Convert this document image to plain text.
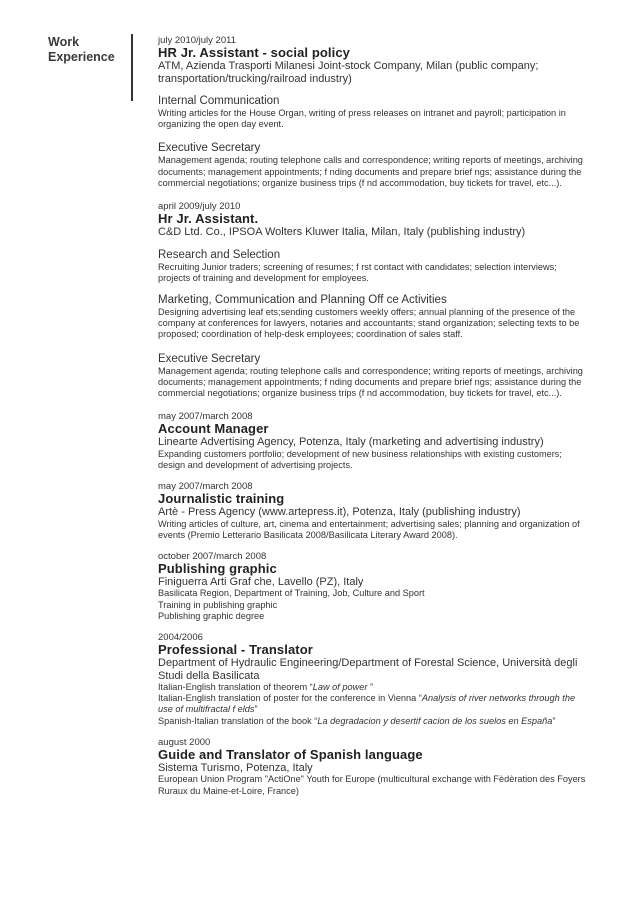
Work
Experience
july 2010/july 2011
HR Jr. Assistant - social policy
ATM, Azienda Trasporti Milanesi Joint-stock Company, Milan (public company; transportation/trucking/railroad industry)
Internal Communication
Writing articles for the House Organ, writing of press releases on intranet and payroll; participation in organizing the open day event.
Executive Secretary
Management agenda; routing telephone calls and correspondence; writing reports of meetings, archiving documents; management appointments; f nding documents and prepare brief ngs; assistance during the commercial negotiations; organize business trips (f nd accommodation, buy tickets for travel, etc...).
april 2009/july 2010
Hr Jr. Assistant.
C&D Ltd. Co., IPSOA Wolters Kluwer Italia, Milan, Italy (publishing industry)
Research and Selection
Recruiting Junior traders; screening of resumes; f rst contact with candidates; selection interviews; projects of training and development for employees.
Marketing, Communication and Planning Off ce Activities
Designing advertising leaf ets;sending customers weekly offers; annual planning of the presence of the company at conferences for lawyers, notaries and accountants; stand organization; selecting texts to be proposed; coordination of help-desk employees; coordination of sales staff.
Executive Secretary
Management agenda; routing telephone calls and correspondence; writing reports of meetings, archiving documents; management appointments; f nding documents and prepare brief ngs; assistance during the commercial negotiations; organize business trips (f nd accommodation, buy tickets for travel, etc...).
may 2007/march 2008
Account Manager
Linearte Advertising Agency, Potenza, Italy (marketing and advertising industry)
Expanding customers portfolio; development of new business relationships with existing customers; design and development of advertising projects.
may 2007/march 2008
Journalistic training
Artè - Press Agency (www.artepress.it), Potenza, Italy (publishing industry)
Writing articles of culture, art, cinema and entertainment; advertising sales; planning and organization of events (Premio Letterario Basilicata 2008/Basilicata Literary Award 2008).
october 2007/march 2008
Publishing graphic
Finiguerra Arti Graf che, Lavello (PZ), Italy
Basilicata Region, Department of Training, Job, Culture and Sport
Training in publishing graphic
Publishing graphic degree
2004/2006
Professional - Translator
Department of Hydraulic Engineering/Department of Forestal Science, Università degli Studi della Basilicata
Italian-English translation of theorem “Law of power ”
Italian-English translation of poster for the conference in Vienna “Analysis of river networks through the use of multifractal f elds”
Spanish-Italian translation of the book “La degradacion y desertif cacion de los suelos en España”
august 2000
Guide and Translator of Spanish language
Sistema Turismo, Potenza, Italy
European Union Program "ActiOne" Youth for Europe (multicultural exchange with Fèdèration des Foyers Ruraux du Maine-et-Loire, France)
